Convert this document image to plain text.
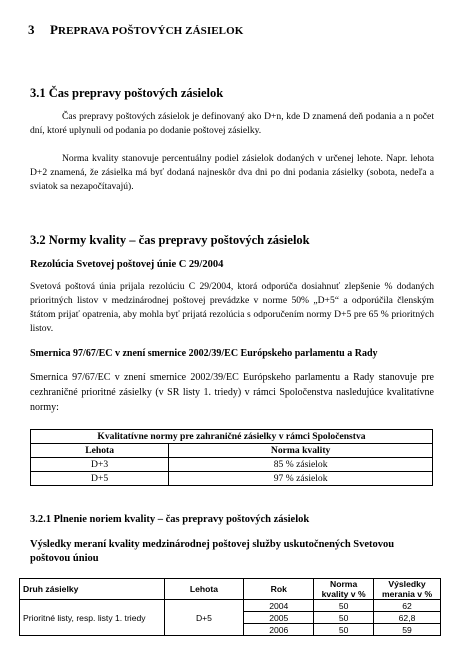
3 PREPRAVA POŠTOVÝCH ZÁSIELOK
3.1 Čas prepravy poštových zásielok

Čas prepravy poštových zásielok je definovaný ako D+n, kde D znamená deň podania a n počet dní, ktoré uplynuli od podania po dodanie poštovej zásielky.

Norma kvality stanovuje percentuálny podiel zásielok dodaných v určenej lehote. Napr. lehota D+2 znamená, že zásielka má byť dodaná najneskôr dva dni po dni podania zásielky (sobota, nedeľa a sviatok sa nezapočítavajú).

3.2 Normy kvality – čas prepravy poštových zásielok
Rezolúcia Svetovej poštovej únie C 29/2004

Svetová poštová únia prijala rezolúciu C 29/2004, ktorá odporúča dosiahnuť zlepšenie % dodaných prioritných listov v medzinárodnej poštovej prevádzke v norme 50% „D+5“ a odporúčila členským štátom prijať opatrenia, aby mohla byť prijatá rezolúcia s odporučením normy D+5 pre 65 % prioritných listov.

Smernica 97/67/EC v znení smernice 2002/39/EC Európskeho parlamentu a Rady

Smernica 97/67/EC v znení smernice 2002/39/EC Európskeho parlamentu a Rady stanovuje pre cezhraničné prioritné zásielky (v SR listy 1. triedy) v rámci Spoločenstva nasledujúce kvalitatívne normy:

Kvalitatívne normy pre zahraničné zásielky v rámci Spoločenstva	
Lehota	Norma kvality
D+3	85 % zásielok
D+5	97 % zásielok
3.2.1 Plnenie noriem kvality – čas prepravy poštových zásielok
Výsledky meraní kvality medzinárodnej poštovej služby uskutočnených Svetovou poštovou úniou
Druh zásielky	Lehota	Rok	Norma kvality v %	Výsledky merania v %
		2004	50	62
Prioritné listy, resp. listy 1. triedy	D+5	2005	50	62,8
		2006	50	59
